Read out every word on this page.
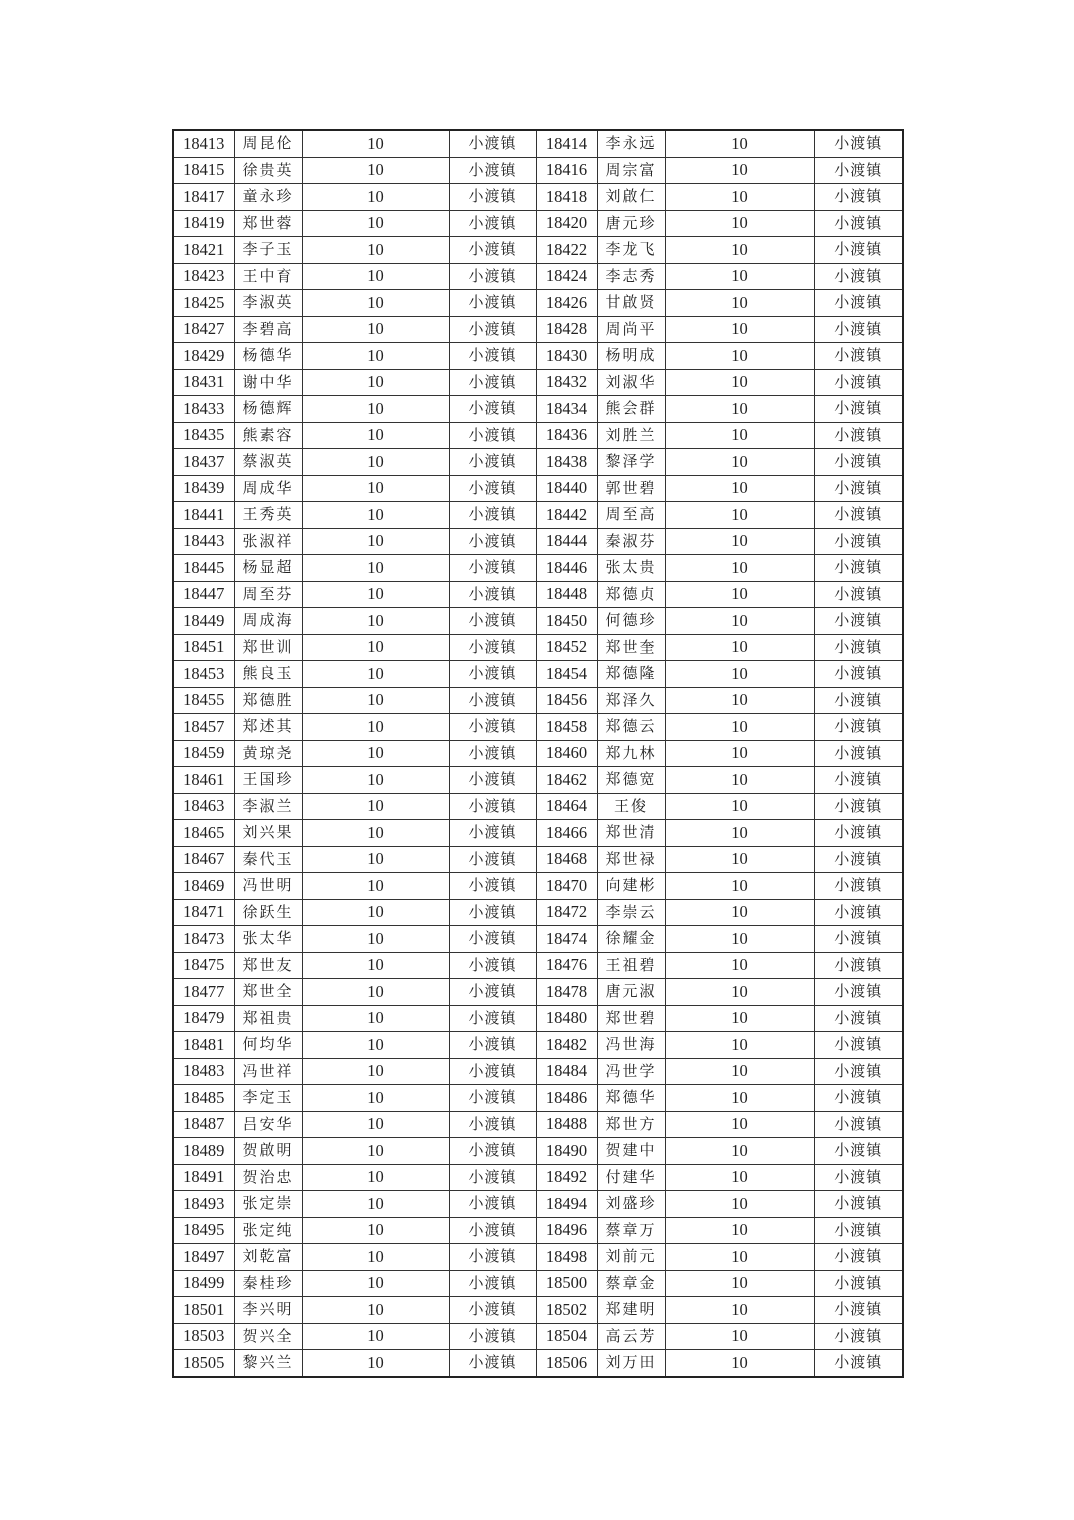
18413	周昆伦	10	小渡镇	18414	李永远	10	小渡镇
18415	徐贵英	10	小渡镇	18416	周宗富	10	小渡镇
18417	童永珍	10	小渡镇	18418	刘啟仁	10	小渡镇
18419	郑世蓉	10	小渡镇	18420	唐元珍	10	小渡镇
18421	李子玉	10	小渡镇	18422	李龙飞	10	小渡镇
18423	王中育	10	小渡镇	18424	李志秀	10	小渡镇
18425	李淑英	10	小渡镇	18426	甘啟贤	10	小渡镇
18427	李碧高	10	小渡镇	18428	周尚平	10	小渡镇
18429	杨德华	10	小渡镇	18430	杨明成	10	小渡镇
18431	谢中华	10	小渡镇	18432	刘淑华	10	小渡镇
18433	杨德辉	10	小渡镇	18434	熊会群	10	小渡镇
18435	熊素容	10	小渡镇	18436	刘胜兰	10	小渡镇
18437	蔡淑英	10	小渡镇	18438	黎泽学	10	小渡镇
18439	周成华	10	小渡镇	18440	郭世碧	10	小渡镇
18441	王秀英	10	小渡镇	18442	周至高	10	小渡镇
18443	张淑祥	10	小渡镇	18444	秦淑芬	10	小渡镇
18445	杨显超	10	小渡镇	18446	张太贵	10	小渡镇
18447	周至芬	10	小渡镇	18448	郑德贞	10	小渡镇
18449	周成海	10	小渡镇	18450	何德珍	10	小渡镇
18451	郑世训	10	小渡镇	18452	郑世奎	10	小渡镇
18453	熊良玉	10	小渡镇	18454	郑德隆	10	小渡镇
18455	郑德胜	10	小渡镇	18456	郑泽久	10	小渡镇
18457	郑述其	10	小渡镇	18458	郑德云	10	小渡镇
18459	黄琼尧	10	小渡镇	18460	郑九林	10	小渡镇
18461	王国珍	10	小渡镇	18462	郑德宽	10	小渡镇
18463	李淑兰	10	小渡镇	18464	王俊	10	小渡镇
18465	刘兴果	10	小渡镇	18466	郑世清	10	小渡镇
18467	秦代玉	10	小渡镇	18468	郑世禄	10	小渡镇
18469	冯世明	10	小渡镇	18470	向建彬	10	小渡镇
18471	徐跃生	10	小渡镇	18472	李崇云	10	小渡镇
18473	张太华	10	小渡镇	18474	徐耀金	10	小渡镇
18475	郑世友	10	小渡镇	18476	王祖碧	10	小渡镇
18477	郑世全	10	小渡镇	18478	唐元淑	10	小渡镇
18479	郑祖贵	10	小渡镇	18480	郑世碧	10	小渡镇
18481	何均华	10	小渡镇	18482	冯世海	10	小渡镇
18483	冯世祥	10	小渡镇	18484	冯世学	10	小渡镇
18485	李定玉	10	小渡镇	18486	郑德华	10	小渡镇
18487	吕安华	10	小渡镇	18488	郑世方	10	小渡镇
18489	贺啟明	10	小渡镇	18490	贺建中	10	小渡镇
18491	贺治忠	10	小渡镇	18492	付建华	10	小渡镇
18493	张定崇	10	小渡镇	18494	刘盛珍	10	小渡镇
18495	张定纯	10	小渡镇	18496	蔡章万	10	小渡镇
18497	刘乾富	10	小渡镇	18498	刘前元	10	小渡镇
18499	秦桂珍	10	小渡镇	18500	蔡章金	10	小渡镇
18501	李兴明	10	小渡镇	18502	郑建明	10	小渡镇
18503	贺兴全	10	小渡镇	18504	高云芳	10	小渡镇
18505	黎兴兰	10	小渡镇	18506	刘万田	10	小渡镇
